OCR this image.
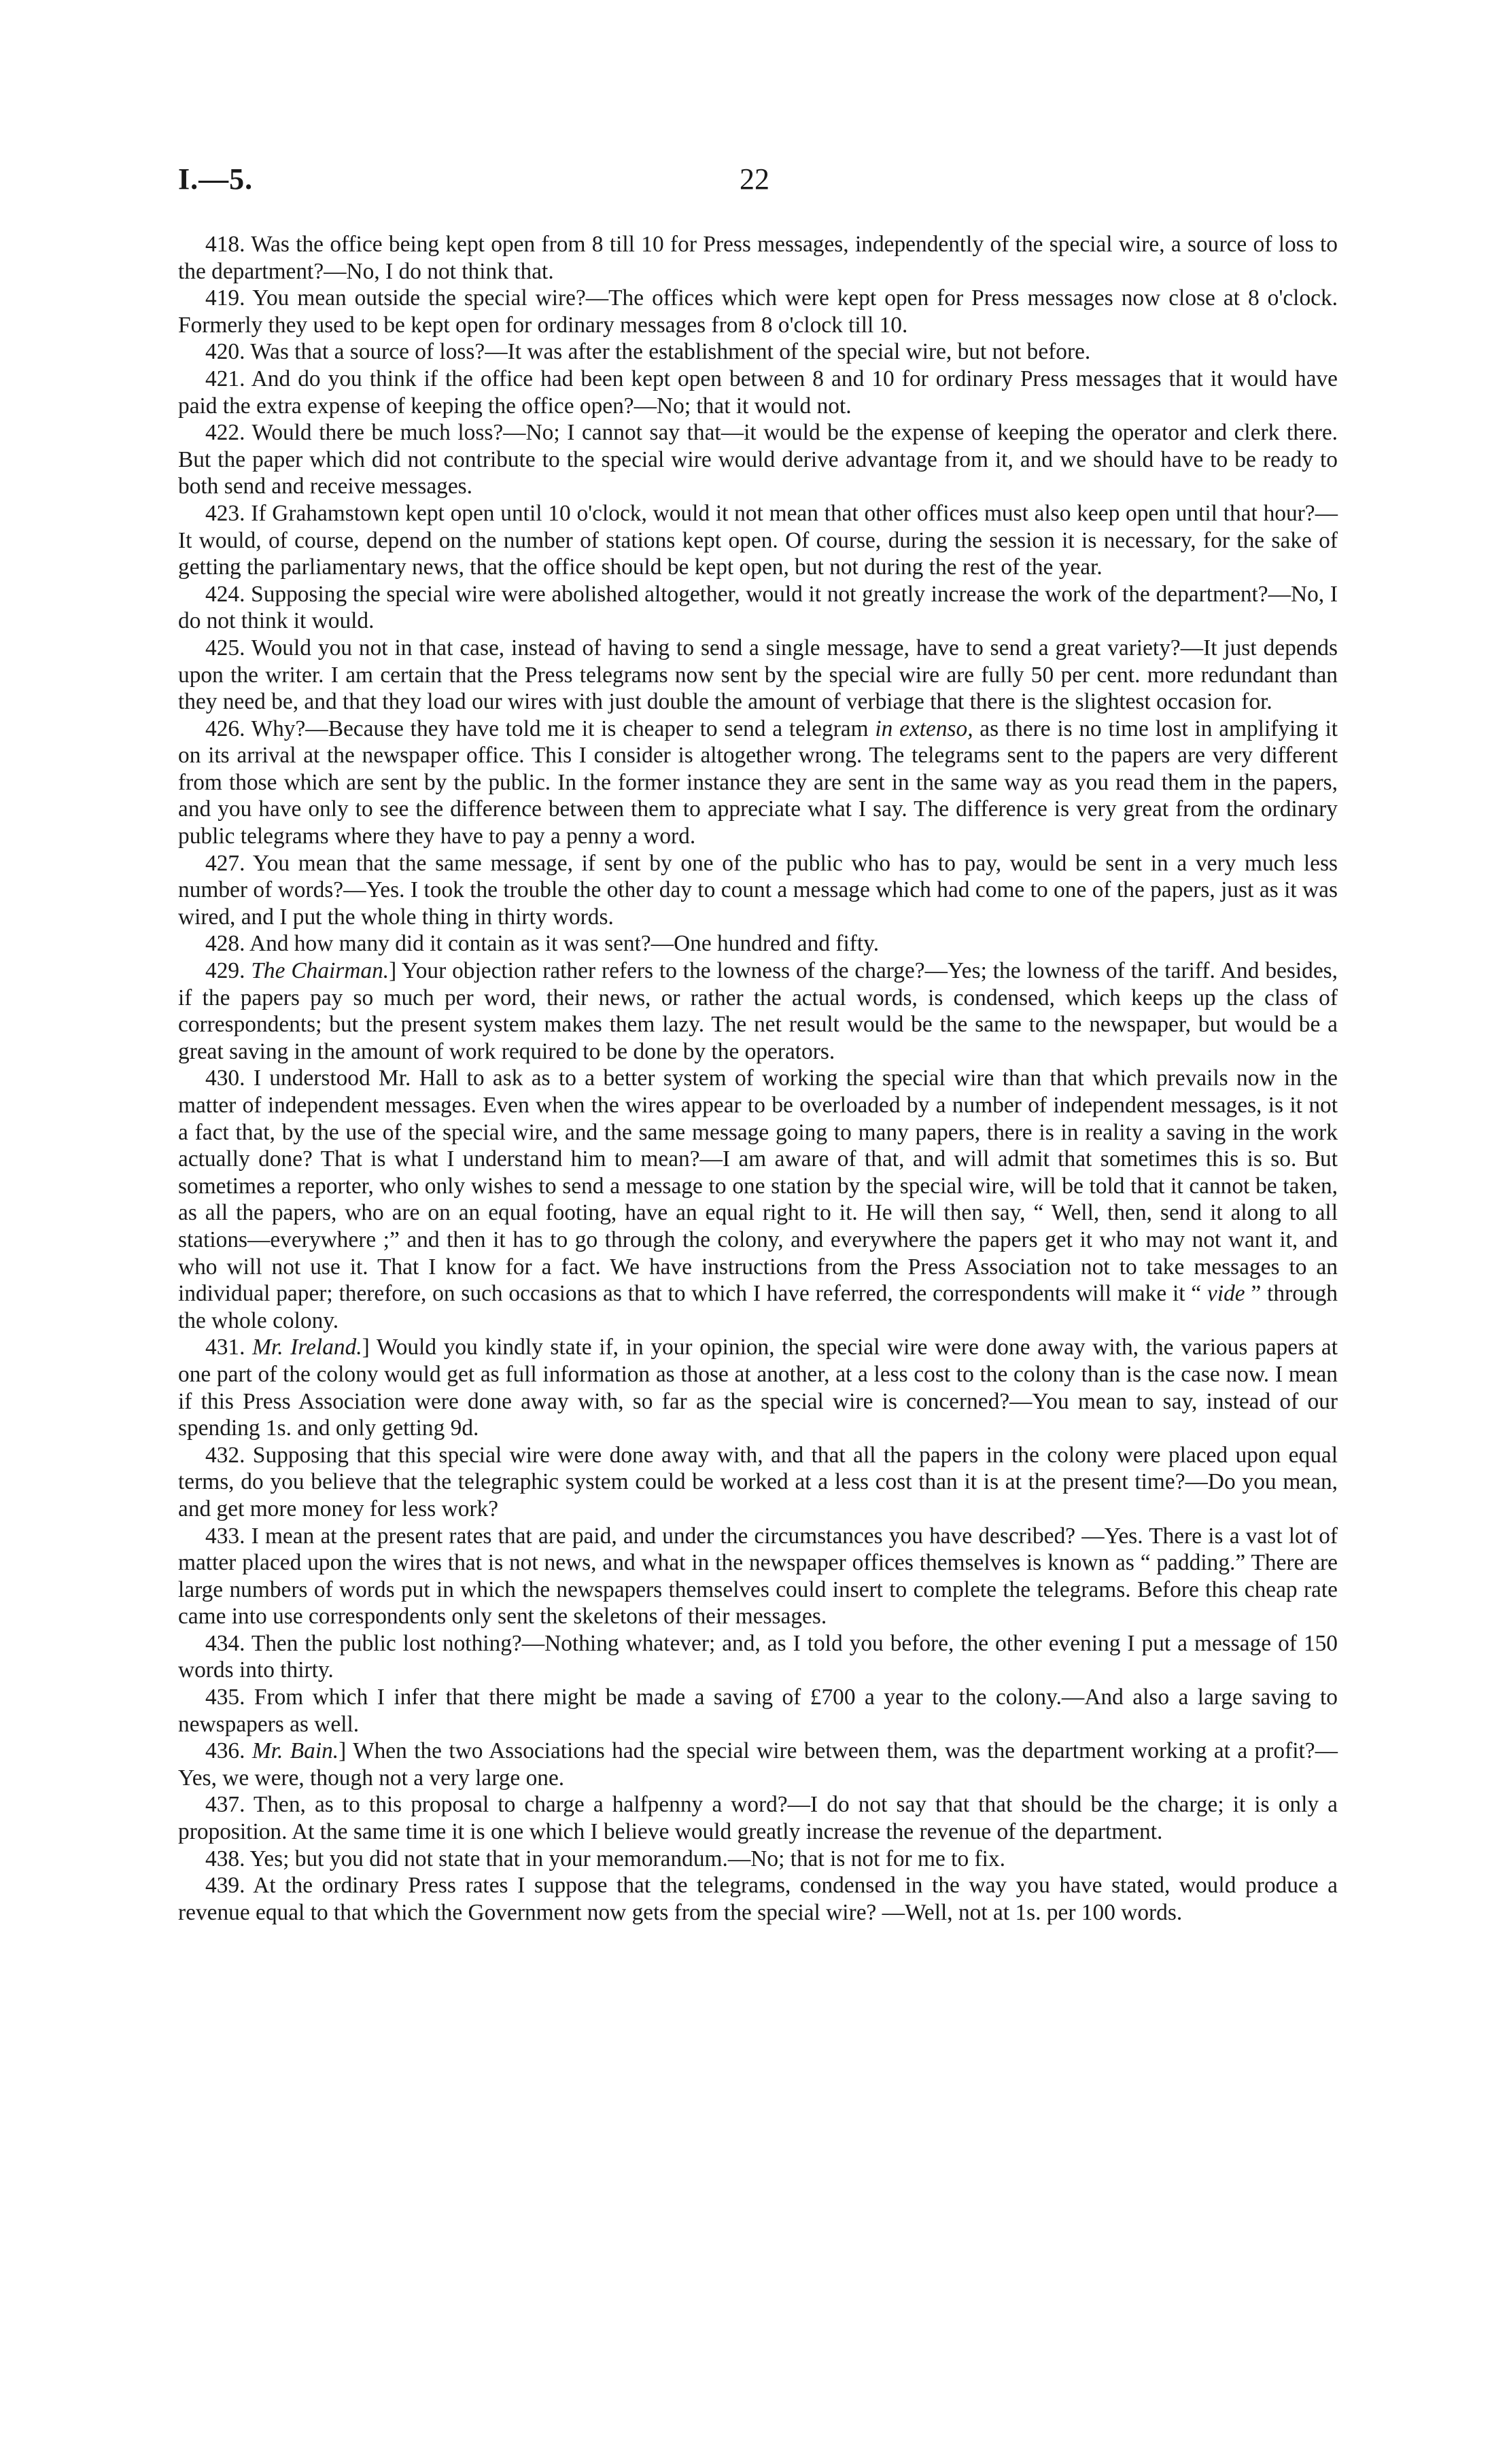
I.—5.	22

418. Was the office being kept open from 8 till 10 for Press messages, independently of the special wire, a source of loss to the department?—No, I do not think that.

419. You mean outside the special wire?—The offices which were kept open for Press messages now close at 8 o'clock. Formerly they used to be kept open for ordinary messages from 8 o'clock till 10.

420. Was that a source of loss?—It was after the establishment of the special wire, but not before.

421. And do you think if the office had been kept open between 8 and 10 for ordinary Press messages that it would have paid the extra expense of keeping the office open?—No; that it would not.

422. Would there be much loss?—No; I cannot say that—it would be the expense of keeping the operator and clerk there. But the paper which did not contribute to the special wire would derive advantage from it, and we should have to be ready to both send and receive messages.

423. If Grahamstown kept open until 10 o'clock, would it not mean that other offices must also keep open until that hour?—It would, of course, depend on the number of stations kept open. Of course, during the session it is necessary, for the sake of getting the parliamentary news, that the office should be kept open, but not during the rest of the year.

424. Supposing the special wire were abolished altogether, would it not greatly increase the work of the department?—No, I do not think it would.

425. Would you not in that case, instead of having to send a single message, have to send a great variety?—It just depends upon the writer. I am certain that the Press telegrams now sent by the special wire are fully 50 per cent. more redundant than they need be, and that they load our wires with just double the amount of verbiage that there is the slightest occasion for.

426. Why?—Because they have told me it is cheaper to send a telegram in extenso, as there is no time lost in amplifying it on its arrival at the newspaper office. This I consider is altogether wrong. The telegrams sent to the papers are very different from those which are sent by the public. In the former instance they are sent in the same way as you read them in the papers, and you have only to see the difference between them to appreciate what I say. The difference is very great from the ordinary public telegrams where they have to pay a penny a word.

427. You mean that the same message, if sent by one of the public who has to pay, would be sent in a very much less number of words?—Yes. I took the trouble the other day to count a message which had come to one of the papers, just as it was wired, and I put the whole thing in thirty words.

428. And how many did it contain as it was sent?—One hundred and fifty.

429. The Chairman.] Your objection rather refers to the lowness of the charge?—Yes; the lowness of the tariff. And besides, if the papers pay so much per word, their news, or rather the actual words, is condensed, which keeps up the class of correspondents; but the present system makes them lazy. The net result would be the same to the newspaper, but would be a great saving in the amount of work required to be done by the operators.

430. I understood Mr. Hall to ask as to a better system of working the special wire than that which prevails now in the matter of independent messages. Even when the wires appear to be overloaded by a number of independent messages, is it not a fact that, by the use of the special wire, and the same message going to many papers, there is in reality a saving in the work actually done? That is what I understand him to mean?—I am aware of that, and will admit that sometimes this is so. But sometimes a reporter, who only wishes to send a message to one station by the special wire, will be told that it cannot be taken, as all the papers, who are on an equal footing, have an equal right to it. He will then say, “ Well, then, send it along to all stations—everywhere ;” and then it has to go through the colony, and everywhere the papers get it who may not want it, and who will not use it. That I know for a fact. We have instructions from the Press Association not to take messages to an individual paper; therefore, on such occasions as that to which I have referred, the correspondents will make it “ vide ” through the whole colony.

431. Mr. Ireland.] Would you kindly state if, in your opinion, the special wire were done away with, the various papers at one part of the colony would get as full information as those at another, at a less cost to the colony than is the case now. I mean if this Press Association were done away with, so far as the special wire is concerned?—You mean to say, instead of our spending 1s. and only getting 9d.

432. Supposing that this special wire were done away with, and that all the papers in the colony were placed upon equal terms, do you believe that the telegraphic system could be worked at a less cost than it is at the present time?—Do you mean, and get more money for less work?

433. I mean at the present rates that are paid, and under the circumstances you have described? —Yes. There is a vast lot of matter placed upon the wires that is not news, and what in the newspaper offices themselves is known as “ padding.” There are large numbers of words put in which the newspapers themselves could insert to complete the telegrams. Before this cheap rate came into use correspondents only sent the skeletons of their messages.

434. Then the public lost nothing?—Nothing whatever; and, as I told you before, the other evening I put a message of 150 words into thirty.

435. From which I infer that there might be made a saving of £700 a year to the colony.—And also a large saving to newspapers as well.

436. Mr. Bain.] When the two Associations had the special wire between them, was the department working at a profit?—Yes, we were, though not a very large one.

437. Then, as to this proposal to charge a halfpenny a word?—I do not say that that should be the charge; it is only a proposition. At the same time it is one which I believe would greatly increase the revenue of the department.

438. Yes; but you did not state that in your memorandum.—No; that is not for me to fix.

439. At the ordinary Press rates I suppose that the telegrams, condensed in the way you have stated, would produce a revenue equal to that which the Government now gets from the special wire? —Well, not at 1s. per 100 words.
